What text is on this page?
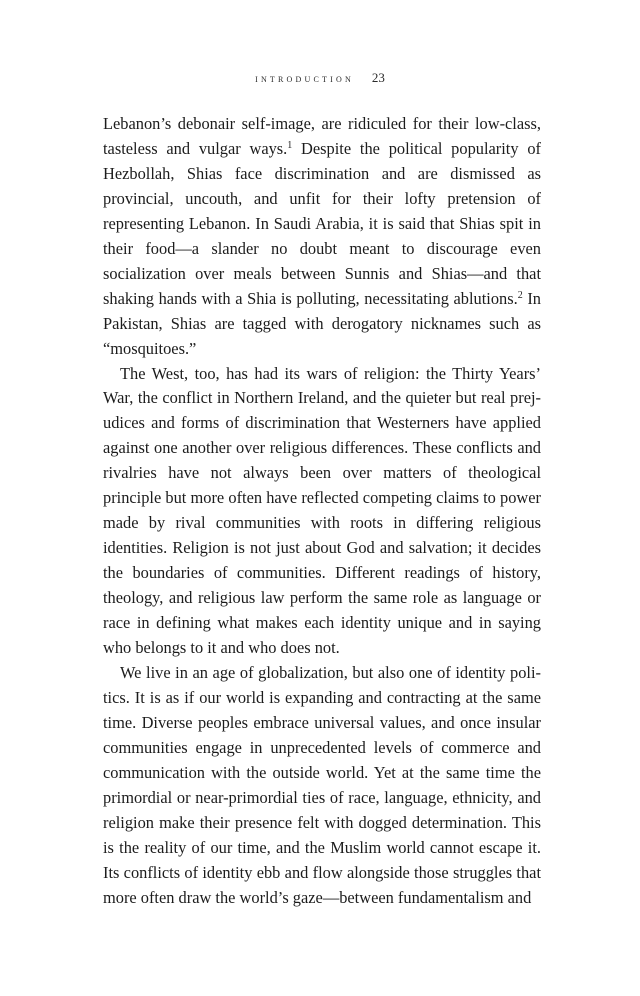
introduction 23

Lebanon’s debonair self-image, are ridiculed for their low-class, tasteless and vulgar ways.$^1$ Despite the political popularity of Hezbollah, Shias face discrimination and are dismissed as provincial, uncouth, and unfit for their lofty pretension of representing Lebanon. In Saudi Arabia, it is said that Shias spit in their food—a slander no doubt meant to discourage even socialization over meals between Sunnis and Shias—and that shaking hands with a Shia is polluting, necessitating ablutions.$^2$ In Pakistan, Shias are tagged with derogatory nicknames such as “mosquitoes.”

The West, too, has had its wars of religion: the Thirty Years’ War, the conflict in Northern Ireland, and the quieter but real prejudices and forms of discrimination that Westerners have applied against one another over religious differences. These conflicts and rivalries have not always been over matters of theological principle but more often have reflected competing claims to power made by rival communities with roots in differing religious identities. Religion is not just about God and salvation; it decides the boundaries of communities. Different readings of history, theology, and religious law perform the same role as language or race in defining what makes each identity unique and in saying who belongs to it and who does not.

We live in an age of globalization, but also one of identity politics. It is as if our world is expanding and contracting at the same time. Diverse peoples embrace universal values, and once insular communities engage in unprecedented levels of commerce and communication with the outside world. Yet at the same time the primordial or near-primordial ties of race, language, ethnicity, and religion make their presence felt with dogged determination. This is the reality of our time, and the Muslim world cannot escape it. Its conflicts of identity ebb and flow alongside those struggles that more often draw the world’s gaze—between fundamentalism and
